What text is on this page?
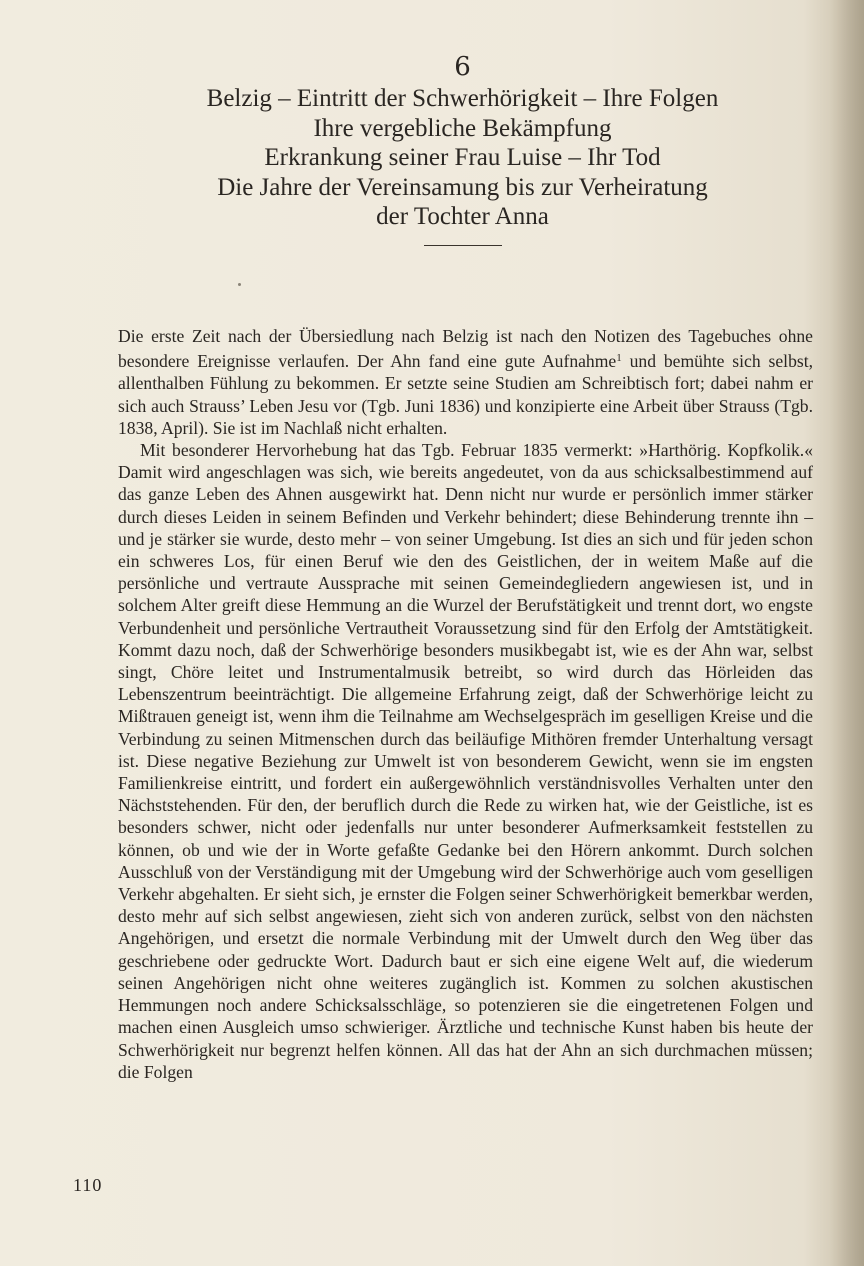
6
Belzig – Eintritt der Schwerhörigkeit – Ihre Folgen
Ihre vergebliche Bekämpfung
Erkrankung seiner Frau Luise – Ihr Tod
Die Jahre der Vereinsamung bis zur Verheiratung
der Tochter Anna

Die erste Zeit nach der Übersiedlung nach Belzig ist nach den Notizen des Tagebuches ohne besondere Ereignisse verlaufen. Der Ahn fand eine gute Aufnahme$^1$ und bemühte sich selbst, allenthalben Fühlung zu bekommen. Er setzte seine Studien am Schreibtisch fort; dabei nahm er sich auch Strauss’ Leben Jesu vor (Tgb. Juni 1836) und konzipierte eine Arbeit über Strauss (Tgb. 1838, April). Sie ist im Nachlaß nicht erhalten.

Mit besonderer Hervorhebung hat das Tgb. Februar 1835 vermerkt: »Harthörig. Kopfkolik.« Damit wird angeschlagen was sich, wie bereits angedeutet, von da aus schicksalbestimmend auf das ganze Leben des Ahnen ausgewirkt hat. Denn nicht nur wurde er persönlich immer stärker durch dieses Leiden in seinem Befinden und Verkehr behindert; diese Behinderung trennte ihn – und je stärker sie wurde, desto mehr – von seiner Umgebung. Ist dies an sich und für jeden schon ein schweres Los, für einen Beruf wie den des Geistlichen, der in weitem Maße auf die persönliche und vertraute Aussprache mit seinen Gemeindegliedern angewiesen ist, und in solchem Alter greift diese Hemmung an die Wurzel der Berufstätigkeit und trennt dort, wo engste Verbundenheit und persönliche Vertrautheit Voraussetzung sind für den Erfolg der Amtstätigkeit. Kommt dazu noch, daß der Schwerhörige besonders musikbegabt ist, wie es der Ahn war, selbst singt, Chöre leitet und Instrumentalmusik betreibt, so wird durch das Hörleiden das Lebenszentrum beeinträchtigt. Die allgemeine Erfahrung zeigt, daß der Schwerhörige leicht zu Mißtrauen geneigt ist, wenn ihm die Teilnahme am Wechselgespräch im geselligen Kreise und die Verbindung zu seinen Mitmenschen durch das beiläufige Mithören fremder Unterhaltung versagt ist. Diese negative Beziehung zur Umwelt ist von besonderem Gewicht, wenn sie im engsten Familienkreise eintritt, und fordert ein außergewöhnlich verständnisvolles Verhalten unter den Nächststehenden. Für den, der beruflich durch die Rede zu wirken hat, wie der Geistliche, ist es besonders schwer, nicht oder jedenfalls nur unter besonderer Aufmerksamkeit feststellen zu können, ob und wie der in Worte gefaßte Gedanke bei den Hörern ankommt. Durch solchen Ausschluß von der Verständigung mit der Umgebung wird der Schwerhörige auch vom geselligen Verkehr abgehalten. Er sieht sich, je ernster die Folgen seiner Schwerhörigkeit bemerkbar werden, desto mehr auf sich selbst angewiesen, zieht sich von anderen zurück, selbst von den nächsten Angehörigen, und ersetzt die normale Verbindung mit der Umwelt durch den Weg über das geschriebene oder gedruckte Wort. Dadurch baut er sich eine eigene Welt auf, die wiederum seinen Angehörigen nicht ohne weiteres zugänglich ist. Kommen zu solchen akustischen Hemmungen noch andere Schicksalsschläge, so potenzieren sie die eingetretenen Folgen und machen einen Ausgleich umso schwieriger. Ärztliche und technische Kunst haben bis heute der Schwerhörigkeit nur begrenzt helfen können. All das hat der Ahn an sich durchmachen müssen; die Folgen

110
